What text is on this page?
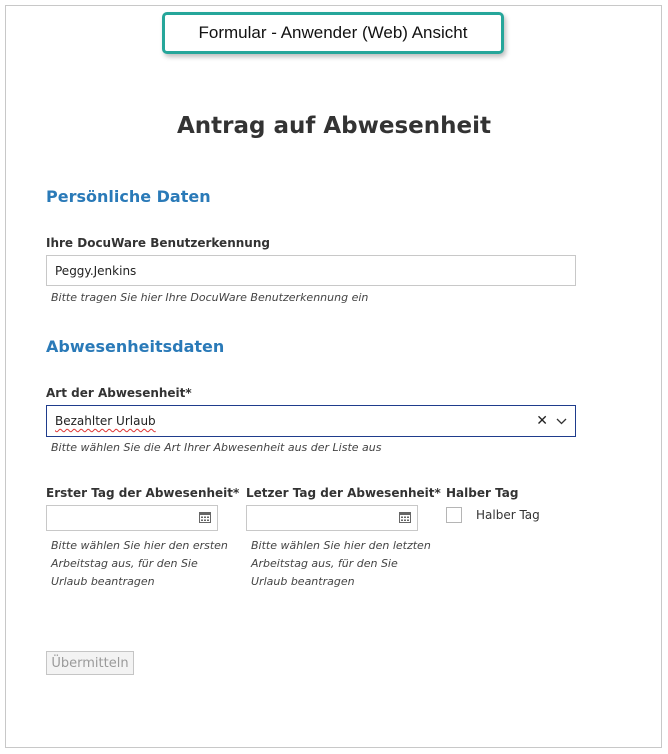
Formular - Anwender (Web) Ansicht
Antrag auf Abwesenheit
Persönliche Daten
Ihre DocuWare Benutzerkennung
Peggy.Jenkins
Bitte tragen Sie hier Ihre DocuWare Benutzerkennung ein
Abwesenheitsdaten
Art der Abwesenheit*
Bezahlter Urlaub	✕
Bitte wählen Sie die Art Ihrer Abwesenheit aus der Liste aus
Erster Tag der Abwesenheit*
Bitte wählen Sie hier den ersten
Arbeitstag aus, für den Sie
Urlaub beantragen
Letzer Tag der Abwesenheit*
Bitte wählen Sie hier den letzten
Arbeitstag aus, für den Sie
Urlaub beantragen
Halber Tag
Halber Tag
Übermitteln
